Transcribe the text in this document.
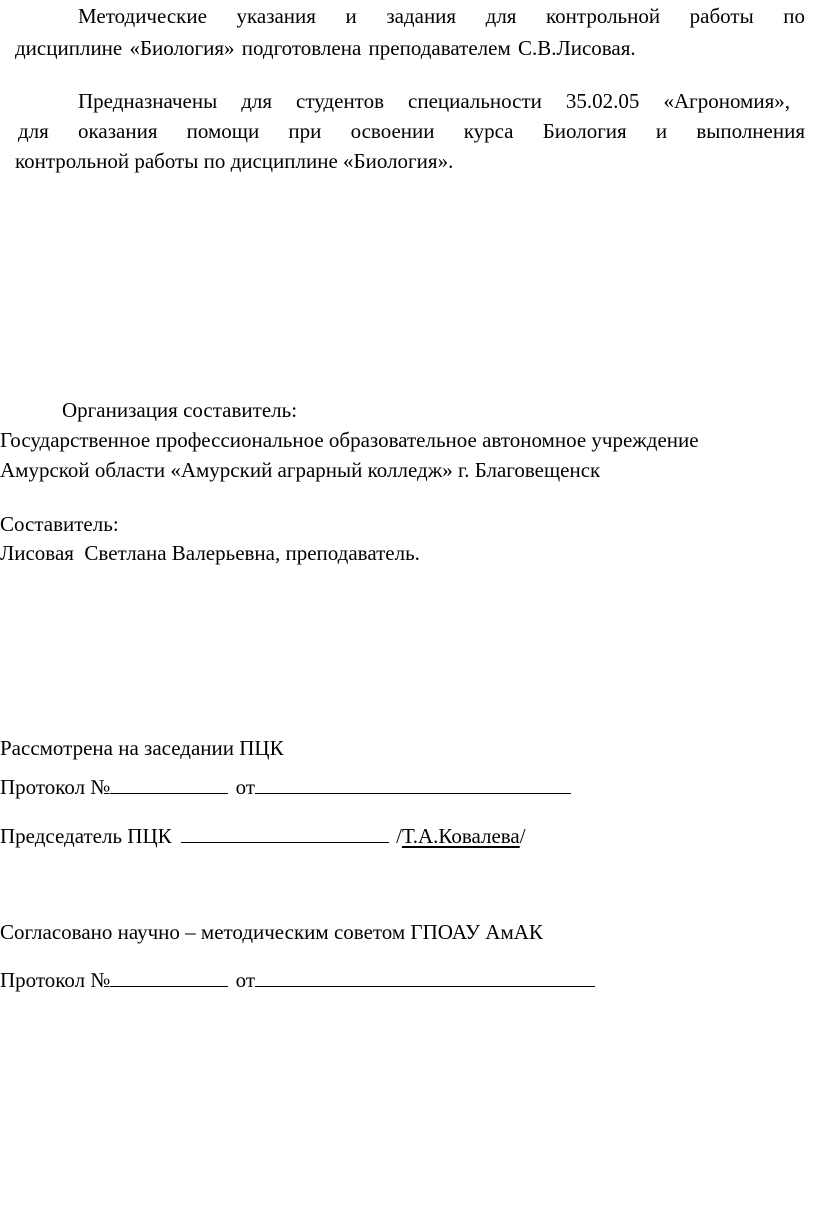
Методические указания и задания для контрольной работы по

дисциплине «Биология» подготовлена преподавателем С.В.Лисовая.

Предназначены для студентов специальности 35.02.05 «Агрономия»,

для оказания помощи при освоении курса Биология и выполнения

контрольной работы по дисциплине «Биология».

Организация составитель:

Государственное профессиональное образовательное автономное учреждение

Амурской области «Амурский аграрный колледж» г. Благовещенск

Составитель:

Лисовая  Светлана Валерьевна, преподаватель.

Рассмотрена на заседании ПЦК

Протокол №	от
Председатель ПЦК	/Т.А.Ковалева/

Согласовано научно – методическим советом ГПОАУ АмАК

Протокол №	от
